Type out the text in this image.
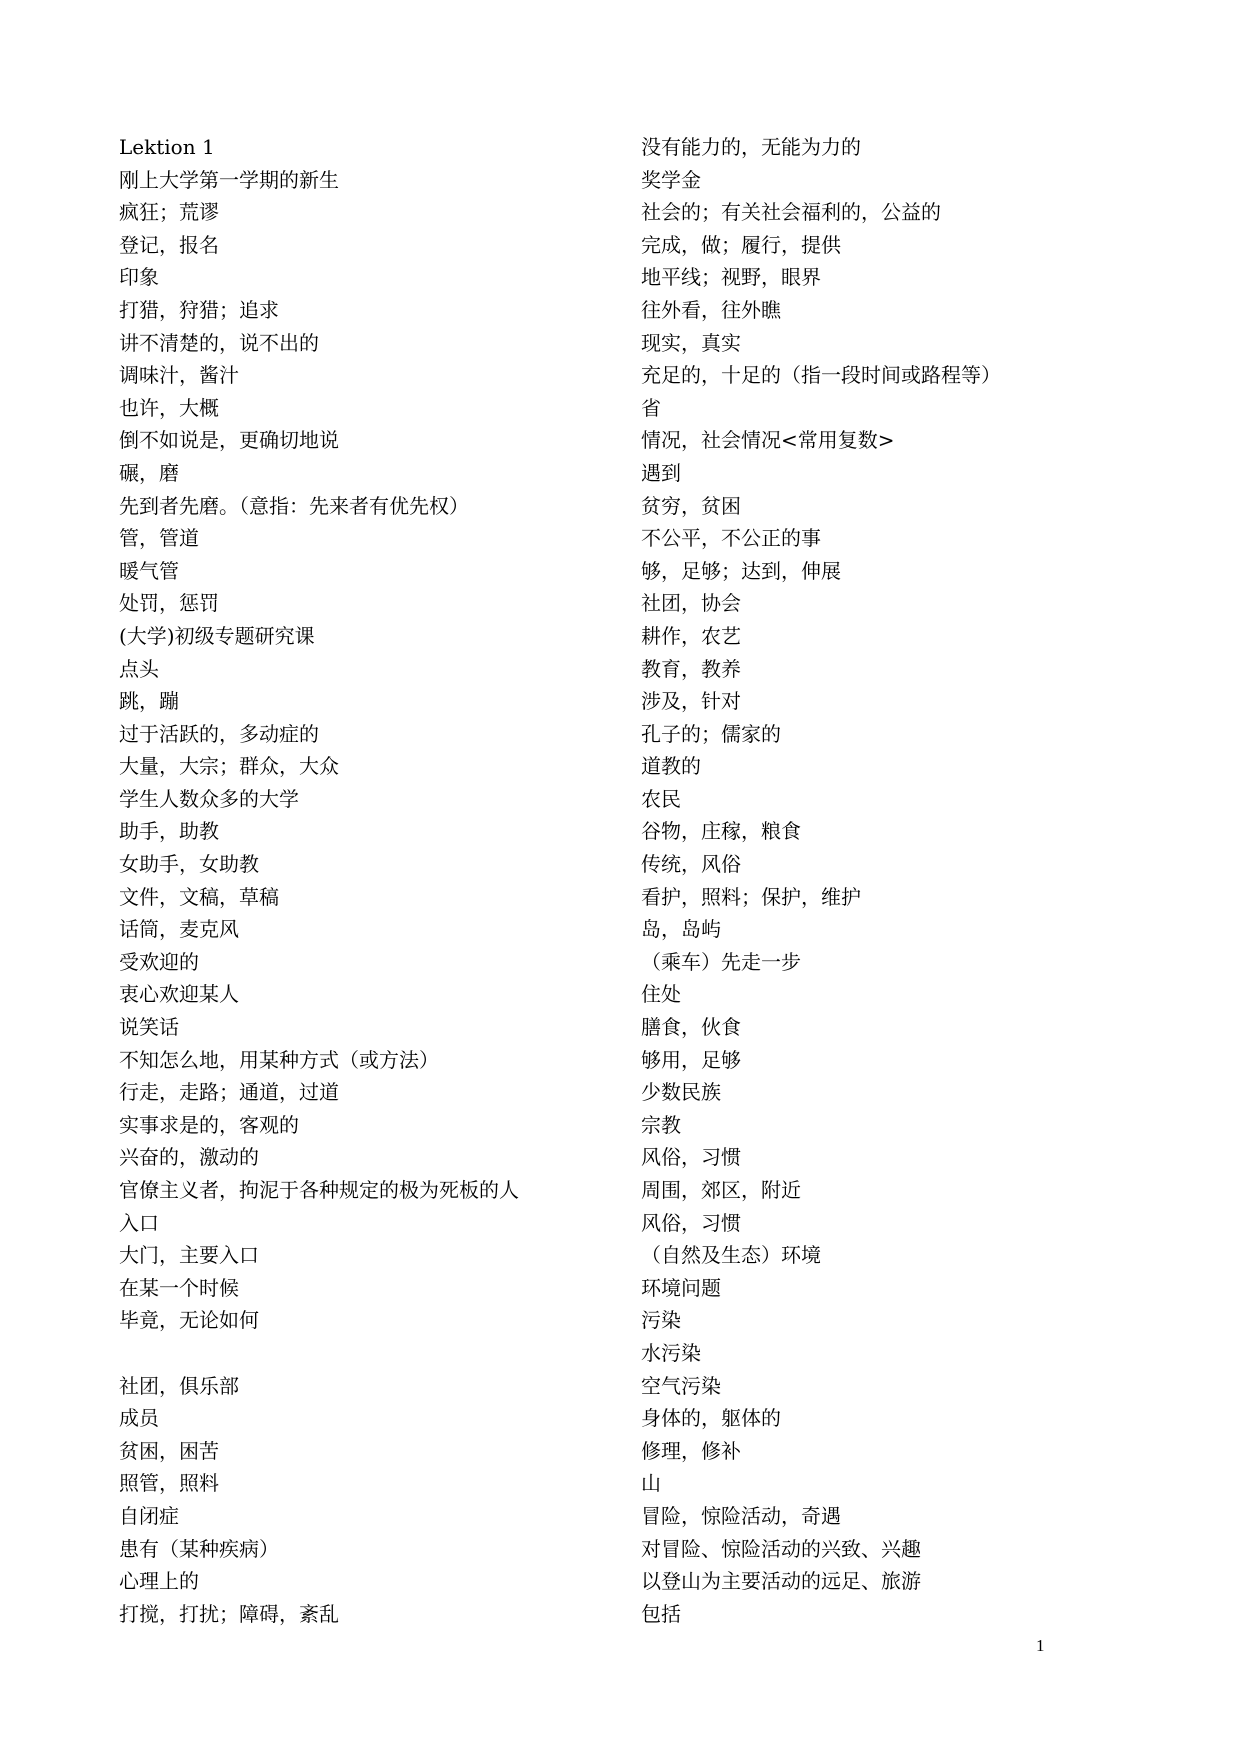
Lektion 1
刚上大学第一学期的新生
疯狂；荒谬
登记，报名
印象
打猎，狩猎；追求
讲不清楚的，说不出的
调味汁，酱汁
也许，大概
倒不如说是，更确切地说
碾，磨
先到者先磨。（意指：先来者有优先权）
管，管道
暖气管
处罚，惩罚
(大学)初级专题研究课
点头
跳，蹦
过于活跃的，多动症的
大量，大宗；群众，大众
学生人数众多的大学
助手，助教
女助手，女助教
文件，文稿，草稿
话筒，麦克风
受欢迎的
衷心欢迎某人
说笑话
不知怎么地，用某种方式（或方法）
行走，走路；通道，过道
实事求是的，客观的
兴奋的，激动的
官僚主义者，拘泥于各种规定的极为死板的人
入口
大门，主要入口
在某一个时候
毕竟，无论如何
社团，俱乐部
成员
贫困，困苦
照管，照料
自闭症
患有（某种疾病）
心理上的
打搅，打扰；障碍，紊乱
没有能力的，无能为力的
奖学金
社会的；有关社会福利的，公益的
完成，做；履行，提供
地平线；视野，眼界
往外看，往外瞧
现实，真实
充足的，十足的（指一段时间或路程等）
省
情况，社会情况<常用复数>
遇到
贫穷，贫困
不公平，不公正的事
够，足够；达到，伸展
社团，协会
耕作，农艺
教育，教养
涉及，针对
孔子的；儒家的
道教的
农民
谷物，庄稼，粮食
传统，风俗
看护，照料；保护，维护
岛，岛屿
（乘车）先走一步
住处
膳食，伙食
够用，足够
少数民族
宗教
风俗，习惯
周围，郊区，附近
风俗，习惯
（自然及生态）环境
环境问题
污染
水污染
空气污染
身体的，躯体的
修理，修补
山
冒险，惊险活动，奇遇
对冒险、惊险活动的兴致、兴趣
以登山为主要活动的远足、旅游
包括
1
